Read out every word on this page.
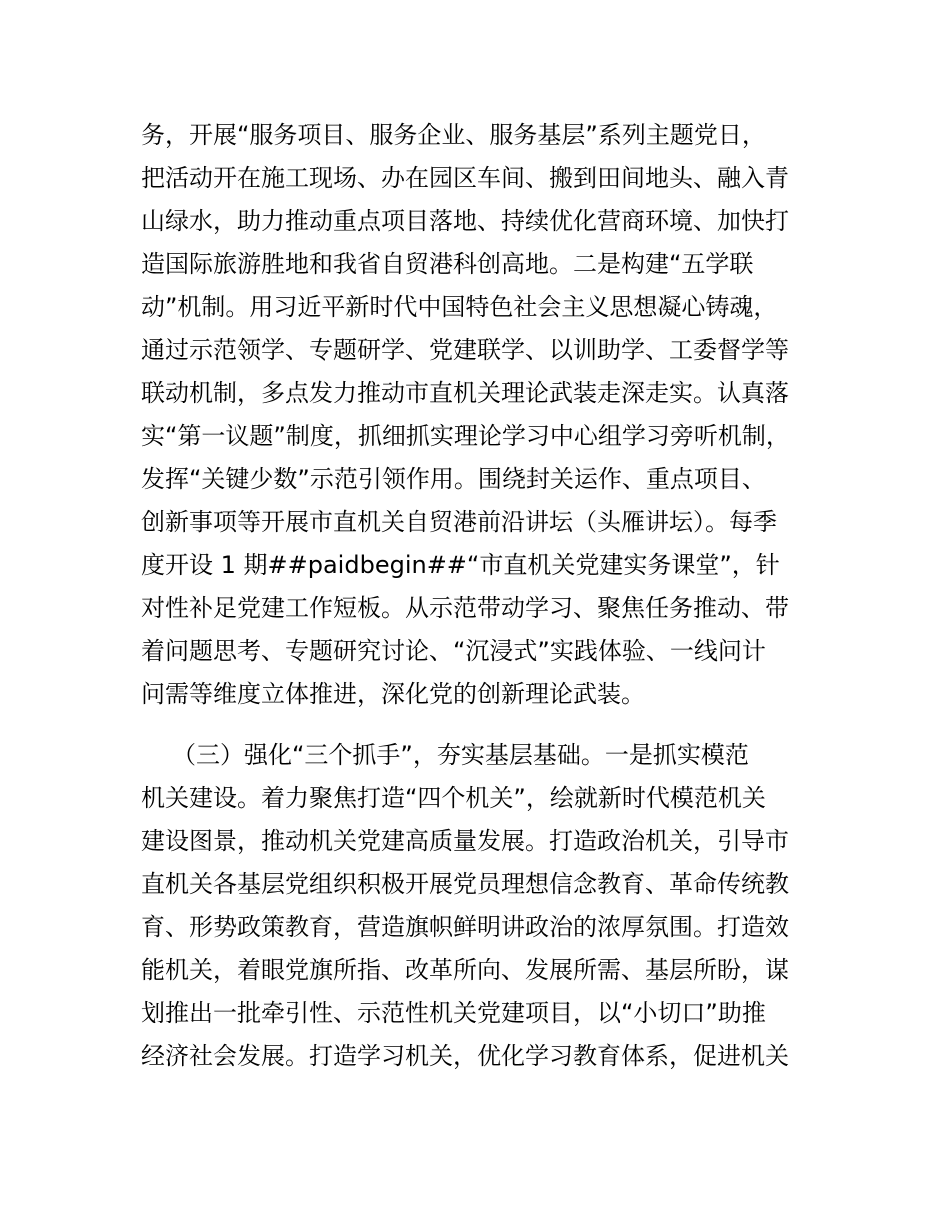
务，开展“服务项目、服务企业、服务基层”系列主题党日，
把活动开在施工现场、办在园区车间、搬到田间地头、融入青
山绿水，助力推动重点项目落地、持续优化营商环境、加快打
造国际旅游胜地和我省自贸港科创高地。二是构建“五学联
动”机制。用习近平新时代中国特色社会主义思想凝心铸魂，
通过示范领学、专题研学、党建联学、以训助学、工委督学等
联动机制，多点发力推动市直机关理论武装走深走实。认真落
实“第一议题”制度，抓细抓实理论学习中心组学习旁听机制，
发挥“关键少数”示范引领作用。围绕封关运作、重点项目、
创新事项等开展市直机关自贸港前沿讲坛（头雁讲坛）。每季
度开设 1 期##paidbegin##“市直机关党建实务课堂”，针
对性补足党建工作短板。从示范带动学习、聚焦任务推动、带
着问题思考、专题研究讨论、“沉浸式”实践体验、一线问计
问需等维度立体推进，深化党的创新理论武装。
（三）强化“三个抓手”，夯实基层基础。一是抓实模范
机关建设。着力聚焦打造“四个机关”，绘就新时代模范机关
建设图景，推动机关党建高质量发展。打造政治机关，引导市
直机关各基层党组织积极开展党员理想信念教育、革命传统教
育、形势政策教育，营造旗帜鲜明讲政治的浓厚氛围。打造效
能机关，着眼党旗所指、改革所向、发展所需、基层所盼，谋
划推出一批牵引性、示范性机关党建项目，以“小切口”助推
经济社会发展。打造学习机关，优化学习教育体系，促进机关
